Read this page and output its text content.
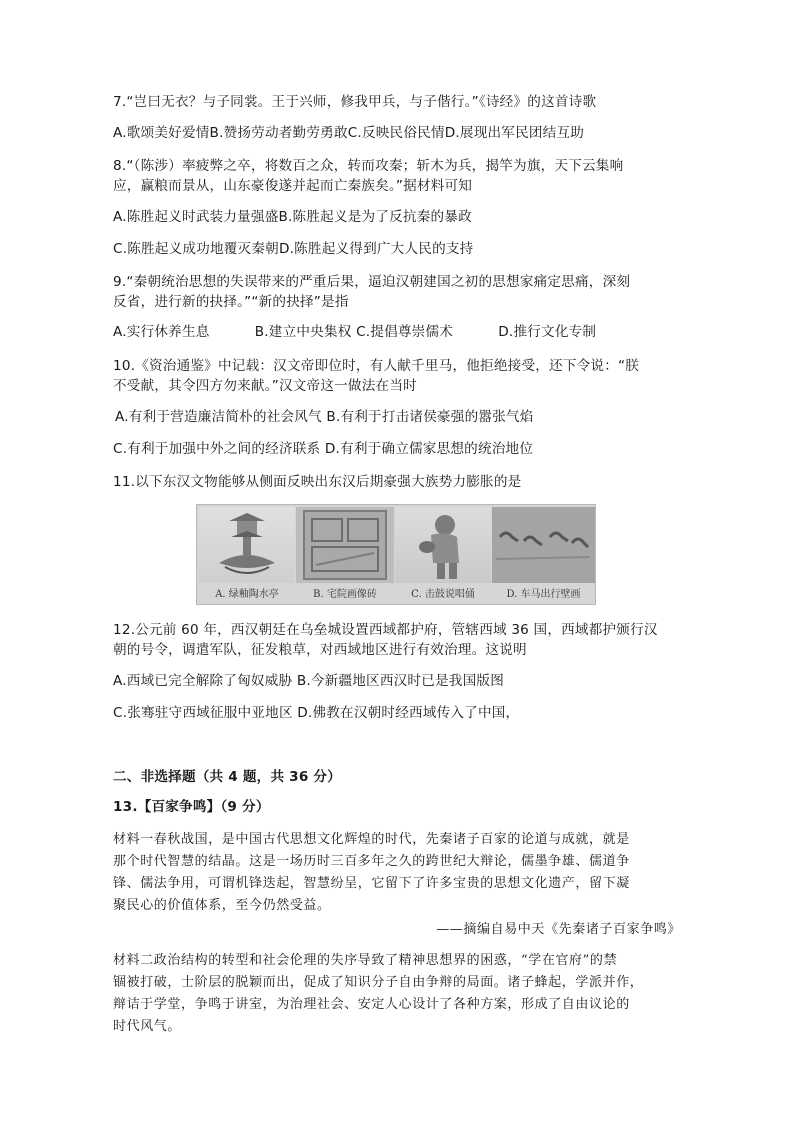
7.“岂曰无衣？与子同裳。王于兴师，修我甲兵，与子偕行。”《诗经》的这首诗歌
A.歌颂美好爱情B.赞扬劳动者勤劳勇敢C.反映民俗民情D.展现出军民团结互助
8.“（陈涉）率疲弊之卒，将数百之众，转而攻秦；斩木为兵，揭竿为旗，天下云集响
应，赢粮而景从，山东豪俊遂并起而亡秦族矣。”据材料可知
A.陈胜起义时武装力量强盛B.陈胜起义是为了反抗秦的暴政
C.陈胜起义成功地覆灭秦朝D.陈胜起义得到广大人民的支持
9.“秦朝统治思想的失误带来的严重后果，逼迫汉朝建国之初的思想家痛定思痛，深刻
反省，进行新的抉择。”“新的抉择”是指
A.实行休养生息          B.建立中央集权 C.提倡尊崇儒术          D.推行文化专制
10.《资治通鉴》中记载：汉文帝即位时，有人献千里马，他拒绝接受，还下令说：“朕
不受献，其令四方勿来献。”汉文帝这一做法在当时
A.有利于营造廉洁简朴的社会风气 B.有利于打击诸侯豪强的嚣张气焰
C.有利于加强中外之间的经济联系 D.有利于确立儒家思想的统治地位
11.以下东汉文物能够从侧面反映出东汉后期豪强大族势力膨胀的是
A. 绿釉陶水亭	B. 宅院画像砖	C. 击鼓说唱俑	D. 车马出行壁画
12.公元前 60 年，西汉朝廷在乌垒城设置西域都护府，管辖西域 36 国，西域都护颁行汉
朝的号令，调遣军队，征发粮草，对西域地区进行有效治理。这说明
A.西域已完全解除了匈奴威胁 B.今新疆地区西汉时已是我国版图
C.张骞驻守西域征服中亚地区 D.佛教在汉朝时经西域传入了中国，
二、非选择题（共 4 题，共 36 分）
13.【百家争鸣】（9 分）
材料一春秋战国，是中国古代思想文化辉煌的时代，先秦诸子百家的论道与成就，就是
那个时代智慧的结晶。这是一场历时三百多年之久的跨世纪大辩论，儒墨争雄、儒道争
锋、儒法争用，可谓机锋迭起，智慧纷呈，它留下了许多宝贵的思想文化遗产，留下凝
聚民心的价值体系，至今仍然受益。
——摘编自易中天《先秦诸子百家争鸣》
材料二政治结构的转型和社会伦理的失序导致了精神思想界的困惑，“学在官府”的禁
锢被打破，士阶层的脱颖而出，促成了知识分子自由争辩的局面。诸子蜂起，学派并作，
辩诘于学堂，争鸣于讲室，为治理社会、安定人心设计了各种方案，形成了自由议论的
时代风气。
